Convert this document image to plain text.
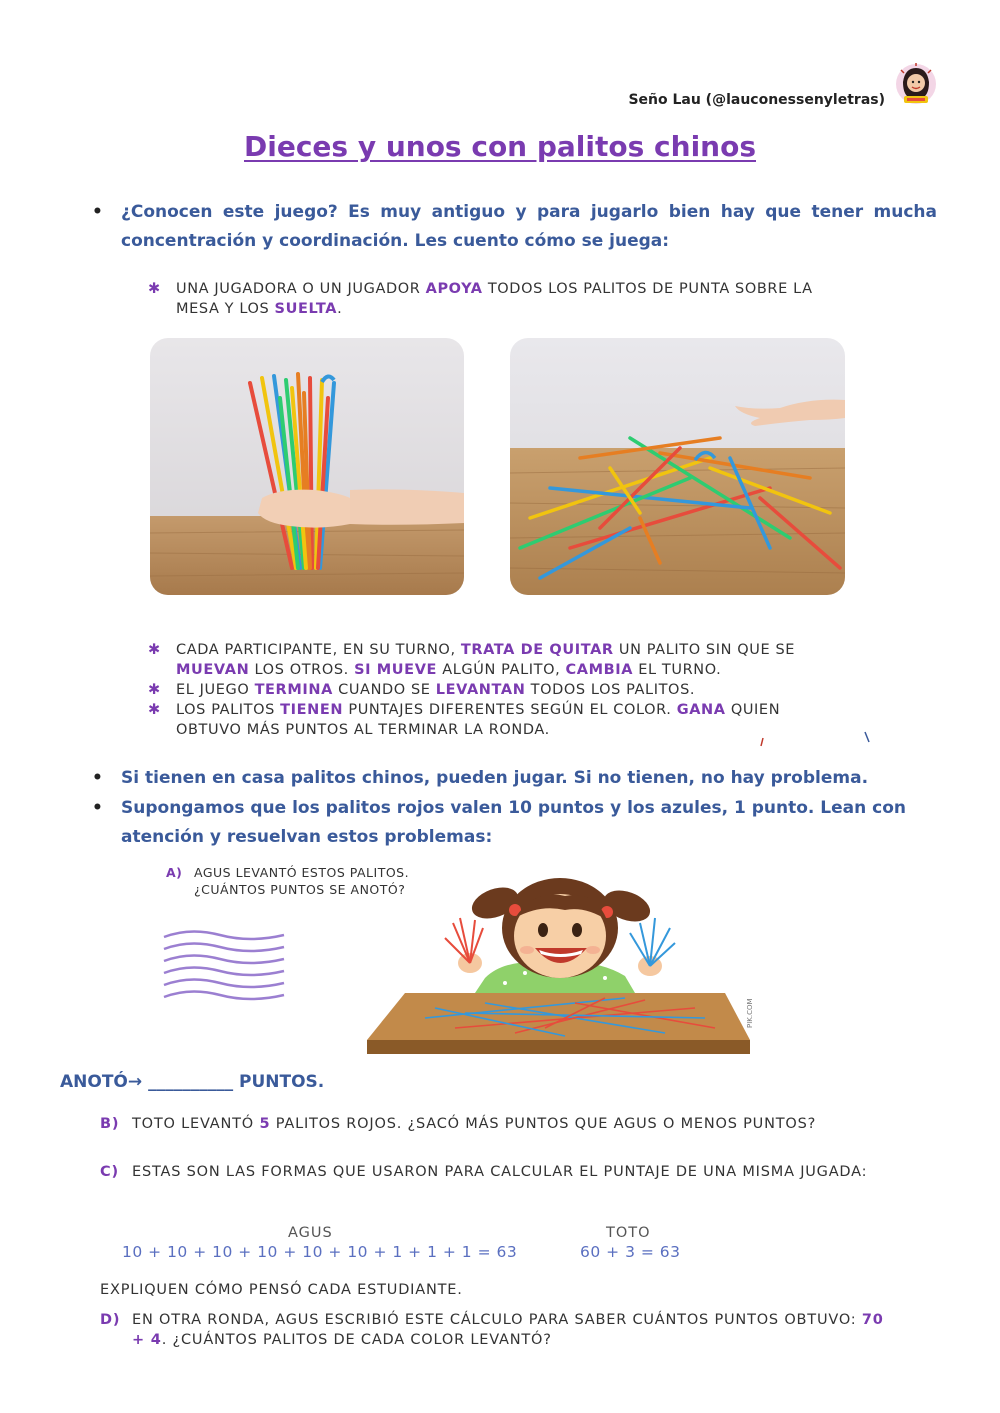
Seño Lau (@lauconessenyletras)
Dieces y unos con palitos chinos
• ¿Conocen este juego? Es muy antiguo y para jugarlo bien hay que tener mucha concentración y coordinación. Les cuento cómo se juega:
✱ UNA JUGADORA O UN JUGADOR APOYA TODOS LOS PALITOS DE PUNTA SOBRE LA MESA Y LOS SUELTA.
✱ CADA PARTICIPANTE, EN SU TURNO, TRATA DE QUITAR UN PALITO SIN QUE SE MUEVAN LOS OTROS. SI MUEVE ALGÚN PALITO, CAMBIA EL TURNO.
✱ EL JUEGO TERMINA CUANDO SE LEVANTAN TODOS LOS PALITOS.
✱ LOS PALITOS TIENEN PUNTAJES DIFERENTES SEGÚN EL COLOR. GANA QUIEN OBTUVO MÁS PUNTOS AL TERMINAR LA RONDA.
• Si tienen en casa palitos chinos, pueden jugar. Si no tienen, no hay problema.
• Supongamos que los palitos rojos valen 10 puntos y los azules, 1 punto. Lean con atención y resuelvan estos problemas:
A) AGUS LEVANTÓ ESTOS PALITOS. ¿CUÁNTOS PUNTOS SE ANOTÓ?
PIK.COM
ANOTÓ→ __________ PUNTOS.
B) TOTO LEVANTÓ 5 PALITOS ROJOS. ¿SACÓ MÁS PUNTOS QUE AGUS O MENOS PUNTOS?
C) ESTAS SON LAS FORMAS QUE USARON PARA CALCULAR EL PUNTAJE DE UNA MISMA JUGADA:
AGUS
10 + 10 + 10 + 10 + 10 + 10 + 1 + 1 + 1 = 63
TOTO
60 + 3 = 63
EXPLIQUEN CÓMO PENSÓ CADA ESTUDIANTE.
D) EN OTRA RONDA, AGUS ESCRIBIÓ ESTE CÁLCULO PARA SABER CUÁNTOS PUNTOS OBTUVO: 70 + 4. ¿CUÁNTOS PALITOS DE CADA COLOR LEVANTÓ?
